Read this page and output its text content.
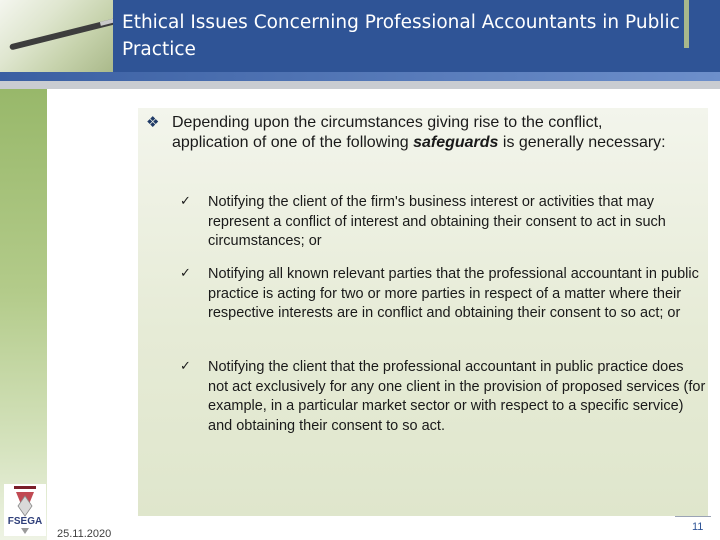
Ethical Issues Concerning Professional Accountants in Public Practice
❖ Depending upon the circumstances giving rise to the conflict, application of one of the following safeguards is generally necessary:
✓ Notifying the client of the firm's business interest or activities that may represent a conflict of interest and obtaining their consent to act in such circumstances; or
✓ Notifying all known relevant parties that the professional accountant in public practice is acting for two or more parties in respect of a matter where their respective interests are in conflict and obtaining their consent to so act; or
✓ Notifying the client that the professional accountant in public practice does not act exclusively for any one client in the provision of proposed services (for example, in a particular market sector or with respect to a specific service) and obtaining their consent to so act.
FSEGA
25.11.2020
11
